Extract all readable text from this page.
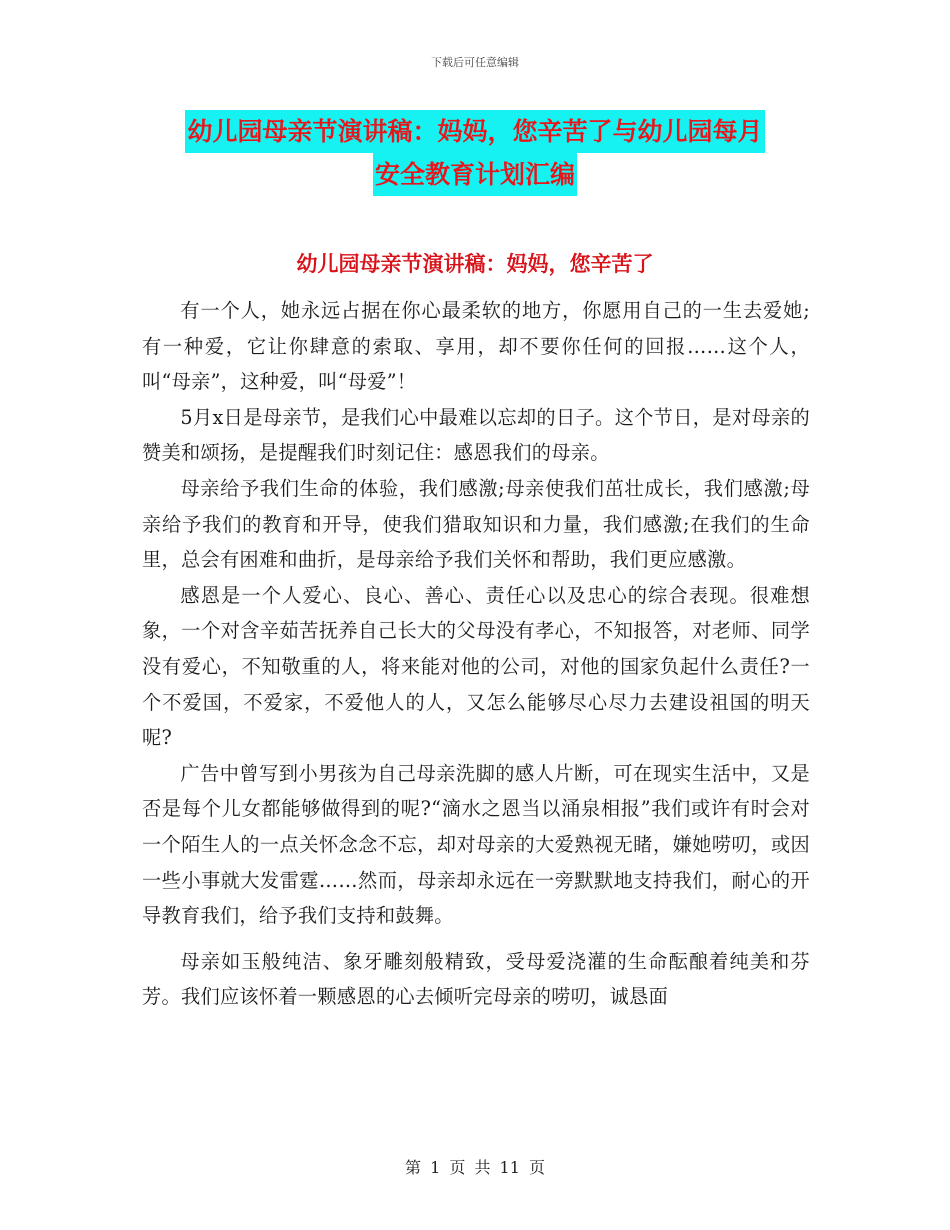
下载后可任意编辑
幼儿园母亲节演讲稿：妈妈，您辛苦了与幼儿园每月
安全教育计划汇编
幼儿园母亲节演讲稿：妈妈，您辛苦了

有一个人，她永远占据在你心最柔软的地方，你愿用自己的一生去爱她;有一种爱，它让你肆意的索取、享用，却不要你任何的回报……这个人，叫“母亲”，这种爱，叫“母爱”！

5月x日是母亲节，是我们心中最难以忘却的日子。这个节日，是对母亲的赞美和颂扬，是提醒我们时刻记住：感恩我们的母亲。

母亲给予我们生命的体验，我们感激;母亲使我们茁壮成长，我们感激;母亲给予我们的教育和开导，使我们猎取知识和力量，我们感激;在我们的生命里，总会有困难和曲折，是母亲给予我们关怀和帮助，我们更应感激。

感恩是一个人爱心、良心、善心、责任心以及忠心的综合表现。很难想象，一个对含辛茹苦抚养自己长大的父母没有孝心，不知报答，对老师、同学没有爱心，不知敬重的人，将来能对他的公司，对他的国家负起什么责任?一个不爱国，不爱家，不爱他人的人，又怎么能够尽心尽力去建设祖国的明天呢?

广告中曾写到小男孩为自己母亲洗脚的感人片断，可在现实生活中，又是否是每个儿女都能够做得到的呢?“滴水之恩当以涌泉相报”我们或许有时会对一个陌生人的一点关怀念念不忘，却对母亲的大爱熟视无睹，嫌她唠叨，或因一些小事就大发雷霆……然而，母亲却永远在一旁默默地支持我们，耐心的开导教育我们，给予我们支持和鼓舞。

母亲如玉般纯洁、象牙雕刻般精致，受母爱浇灌的生命酝酿着纯美和芬芳。我们应该怀着一颗感恩的心去倾听完母亲的唠叨，诚恳面

第 1 页 共 11 页
